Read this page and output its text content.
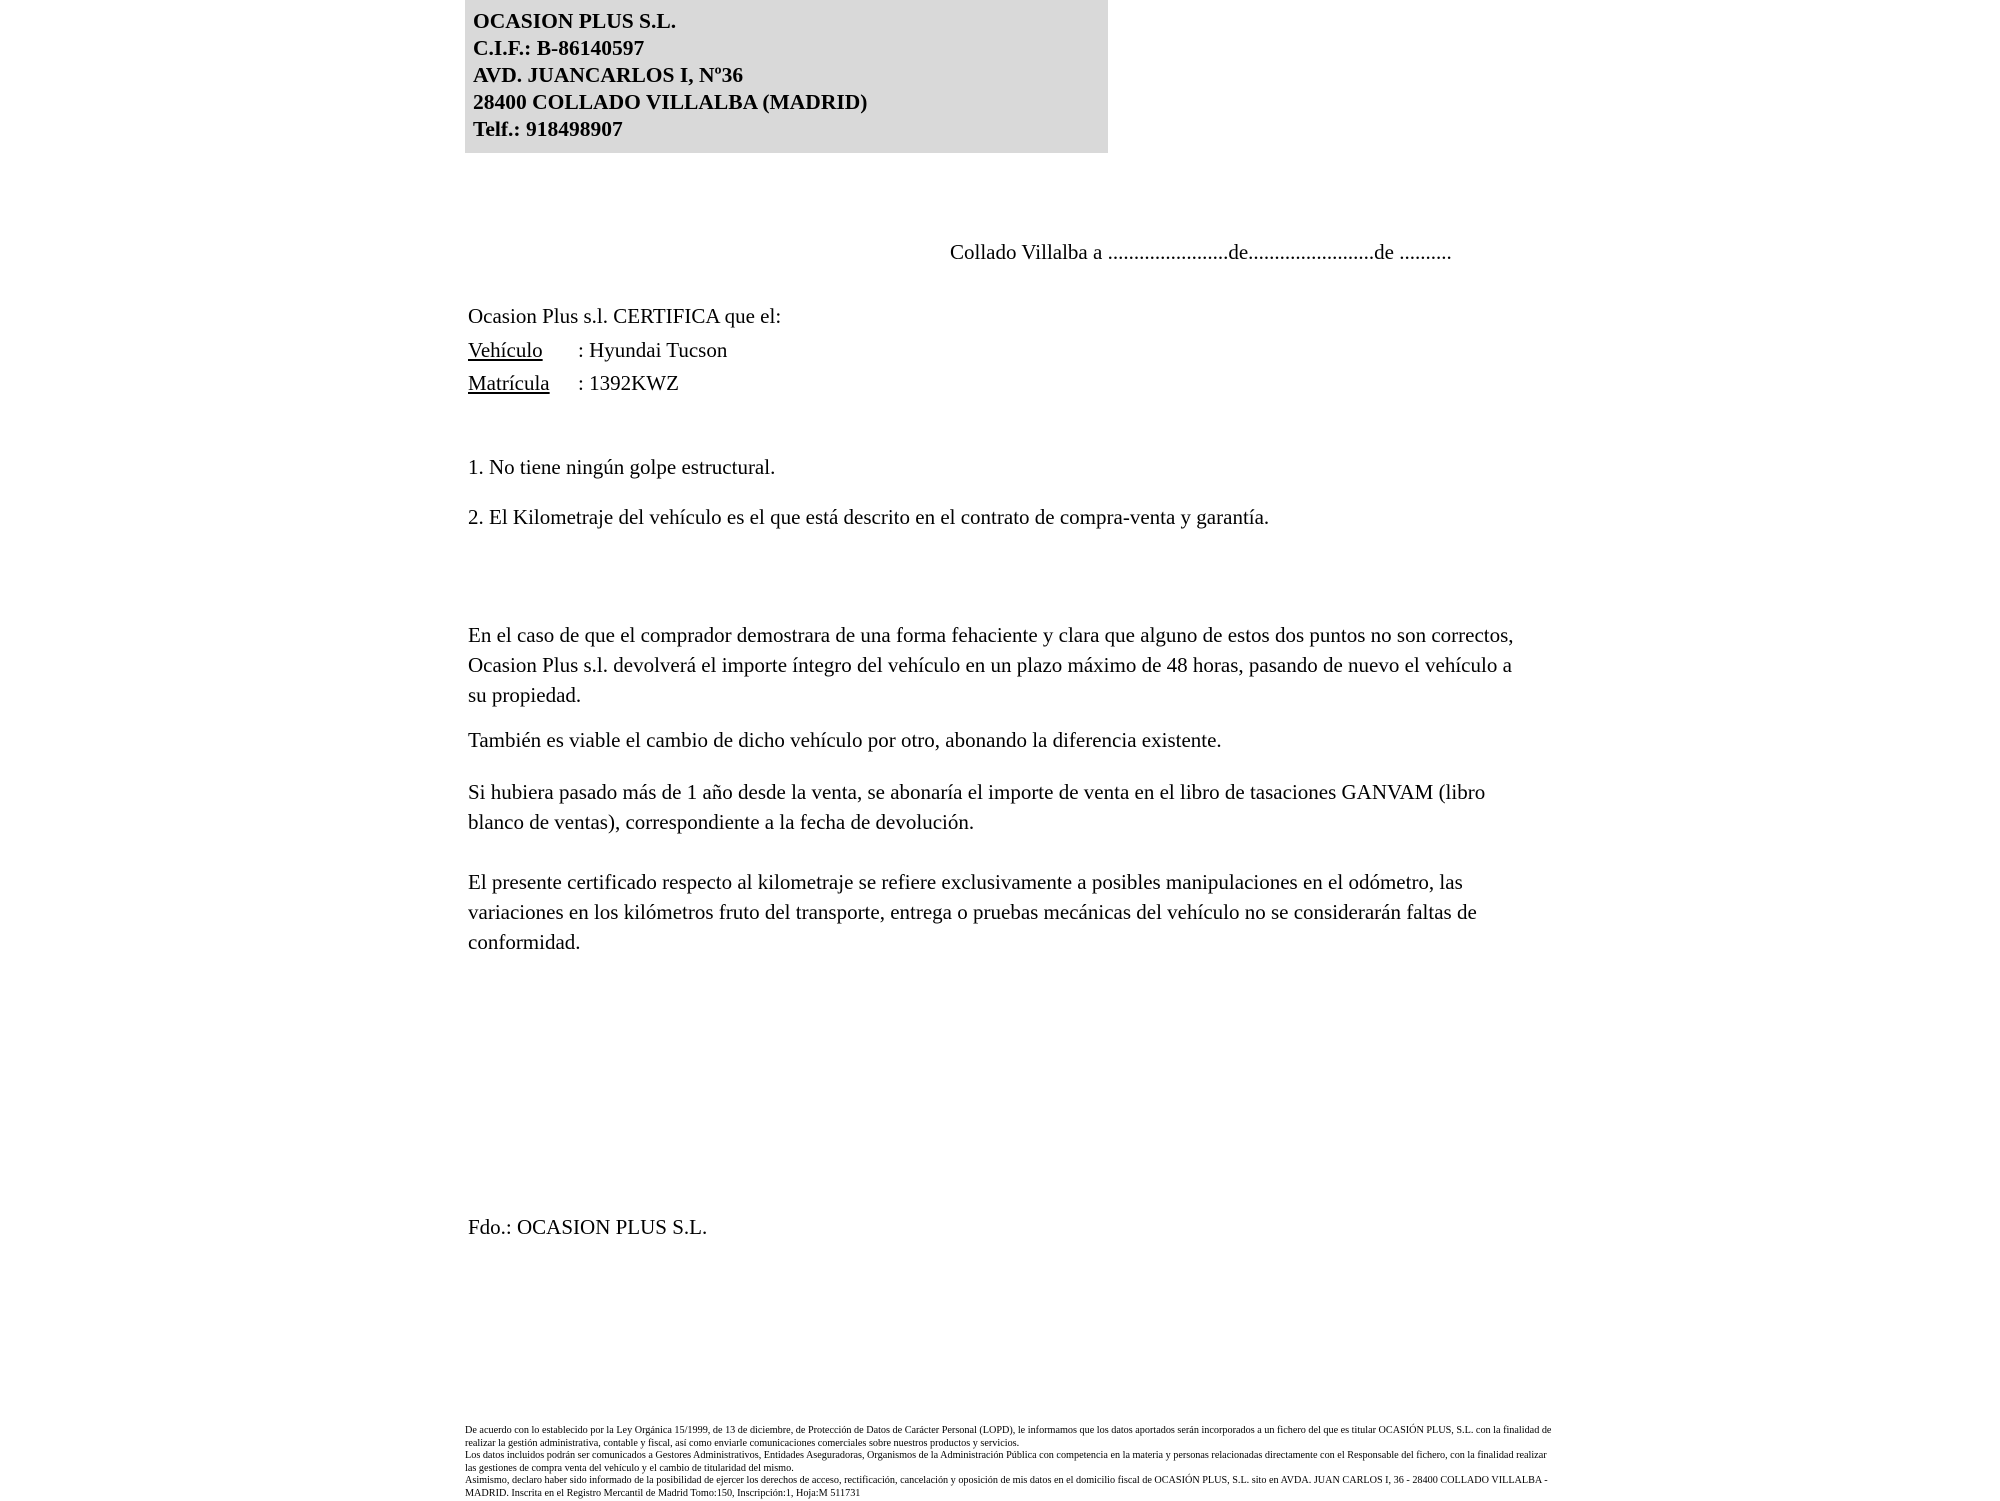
OCASION PLUS S.L.
C.I.F.: B-86140597
AVD. JUANCARLOS I, Nº36
28400 COLLADO VILLALBA (MADRID)
Telf.: 918498907
Collado Villalba a .......................de........................de ..........
Ocasion Plus s.l. CERTIFICA que el:
Vehículo : Hyundai Tucson
Matrícula : 1392KWZ
1. No tiene ningún golpe estructural.
2. El Kilometraje del vehículo es el que está descrito en el contrato de compra-venta y garantía.
En el caso de que el comprador demostrara de una forma fehaciente y clara que alguno de estos dos puntos no son correctos, Ocasion Plus s.l. devolverá el importe íntegro del vehículo en un plazo máximo de 48 horas, pasando de nuevo el vehículo a su propiedad.
También es viable el cambio de dicho vehículo por otro, abonando la diferencia existente.
Si hubiera pasado más de 1 año desde la venta, se abonaría el importe de venta en el libro de tasaciones GANVAM (libro blanco de ventas), correspondiente a la fecha de devolución.
El presente certificado respecto al kilometraje se refiere exclusivamente a posibles manipulaciones en el odómetro, las variaciones en los kilómetros fruto del transporte, entrega o pruebas mecánicas del vehículo no se considerarán faltas de conformidad.
Fdo.: OCASION PLUS S.L.

De acuerdo con lo establecido por la Ley Orgánica 15/1999, de 13 de diciembre, de Protección de Datos de Carácter Personal (LOPD), le informamos que los datos aportados serán incorporados a un fichero del que es titular OCASIÓN PLUS, S.L. con la finalidad de realizar la gestión administrativa, contable y fiscal, así como enviarle comunicaciones comerciales sobre nuestros productos y servicios.

Los datos incluidos podrán ser comunicados a Gestores Administrativos, Entidades Aseguradoras, Organismos de la Administración Pública con competencia en la materia y personas relacionadas directamente con el Responsable del fichero, con la finalidad realizar las gestiones de compra venta del vehículo y el cambio de titularidad del mismo.

Asimismo, declaro haber sido informado de la posibilidad de ejercer los derechos de acceso, rectificación, cancelación y oposición de mis datos en el domicilio fiscal de OCASIÓN PLUS, S.L. sito en AVDA. JUAN CARLOS I, 36 - 28400 COLLADO VILLALBA - MADRID. Inscrita en el Registro Mercantil de Madrid Tomo:150, Inscripción:1, Hoja:M 511731
